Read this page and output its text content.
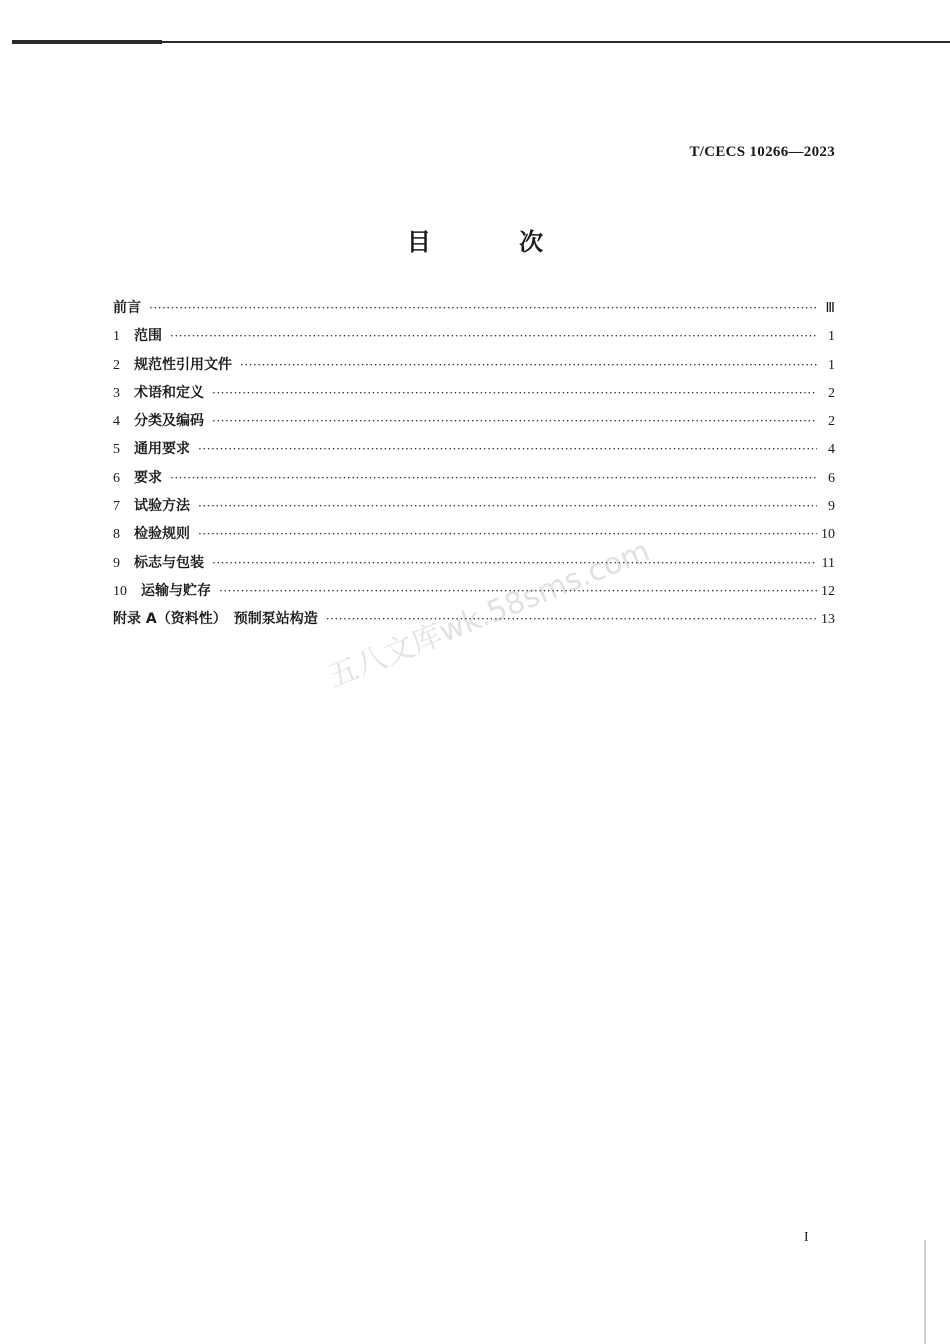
T/CECS 10266—2023
目 次
前言 ·····	Ⅲ
1 范围 ·····	1
2 规范性引用文件 ·····	1
3 术语和定义 ·····	2
4 分类及编码 ·····	2
5 通用要求 ·····	4
6 要求 ·····	6
7 试验方法 ·····	9
8 检验规则 ·····	10
9 标志与包装 ·····	11
10 运输与贮存 ·····	12
附录 A（资料性）　预制泵站构造 ·····	13
五八文库wk.58sms.com
I
